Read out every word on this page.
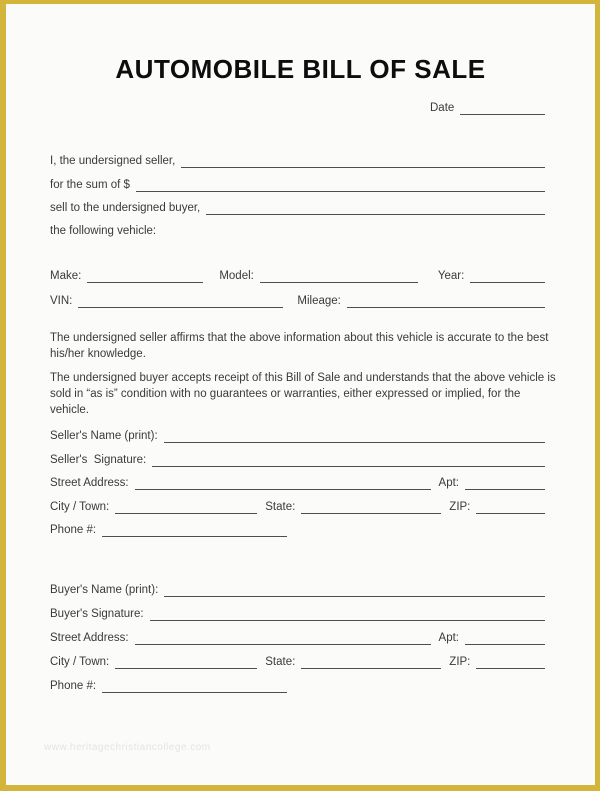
AUTOMOBILE BILL OF SALE
Date
I, the undersigned seller,
for the sum of $
sell to the undersigned buyer,
the following vehicle:
Make:	Model:	Year:
VIN:	Mileage:

The undersigned seller affirms that the above information about this vehicle is accurate to the best his/her knowledge.

The undersigned buyer accepts receipt of this Bill of Sale and understands that the above vehicle is sold in “as is” condition with no guarantees or warranties, either expressed or implied, for the vehicle.

Seller's Name (print):
Seller's  Signature:
Street Address:	Apt:
City / Town:	State:	ZIP:
Phone #:
Buyer's Name (print):
Buyer's Signature:
Street Address:	Apt:
City / Town:	State:	ZIP:
Phone #:
www.heritagechristiancollege.com
